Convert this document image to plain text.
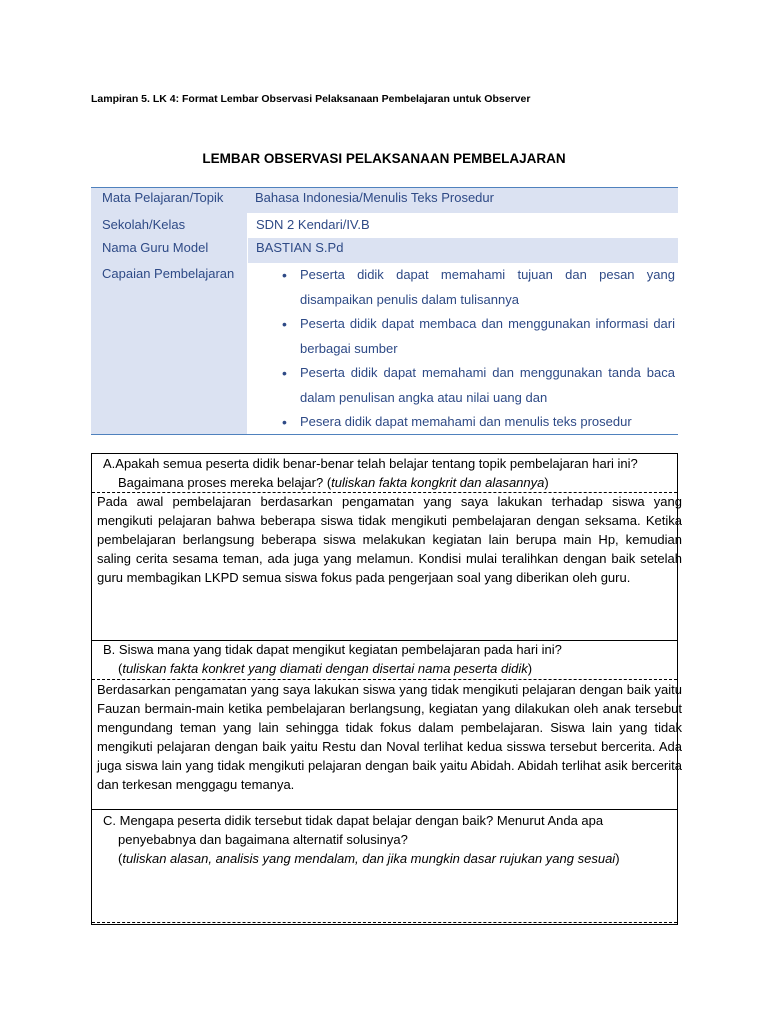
Lampiran 5. LK 4: Format Lembar Observasi Pelaksanaan Pembelajaran untuk Observer
LEMBAR OBSERVASI PELAKSANAAN PEMBELAJARAN
Mata Pelajaran/Topik	Bahasa Indonesia/Menulis Teks Prosedur
Sekolah/Kelas	SDN 2 Kendari/IV.B
Nama Guru Model	BASTIAN S.Pd
Capaian Pembelajaran
•	Peserta didik dapat memahami tujuan dan pesan yang disampaikan penulis dalam tulisannya
• Peserta didik dapat membaca dan menggunakan informasi dari berbagai sumber
• Peserta didik dapat memahami dan menggunakan tanda baca dalam penulisan angka atau nilai uang dan
• Pesera didik dapat memahami dan menulis teks prosedur
A.Apakah semua peserta didik benar-benar telah belajar tentang topik pembelajaran hari ini?
Bagaimana proses mereka belajar? (tuliskan fakta kongkrit dan alasannya)
Pada awal pembelajaran berdasarkan pengamatan yang saya lakukan terhadap siswa yang mengikuti pelajaran bahwa beberapa siswa tidak mengikuti pembelajaran dengan seksama. Ketika pembelajaran berlangsung beberapa siswa melakukan kegiatan lain berupa main Hp, kemudian saling cerita sesama teman, ada juga yang melamun. Kondisi mulai teralihkan dengan baik setelah guru membagikan LKPD semua siswa fokus pada pengerjaan soal yang diberikan oleh guru.
B. Siswa mana yang tidak dapat mengikut kegiatan pembelajaran pada hari ini?
(tuliskan fakta konkret yang diamati dengan disertai nama peserta didik)
Berdasarkan pengamatan yang saya lakukan siswa yang tidak mengikuti pelajaran dengan baik yaitu Fauzan bermain-main ketika pembelajaran berlangsung, kegiatan yang dilakukan oleh anak tersebut mengundang teman yang lain sehingga tidak fokus dalam pembelajaran. Siswa lain yang tidak mengikuti pelajaran dengan baik yaitu Restu dan Noval terlihat kedua sisswa tersebut bercerita. Ada juga siswa lain yang tidak mengikuti pelajaran dengan baik yaitu Abidah. Abidah terlihat asik bercerita dan terkesan menggagu temanya.
C. Mengapa peserta didik tersebut tidak dapat belajar dengan baik? Menurut Anda apa
penyebabnya dan bagaimana alternatif solusinya?
(tuliskan alasan, analisis yang mendalam, dan jika mungkin dasar rujukan yang sesuai)
